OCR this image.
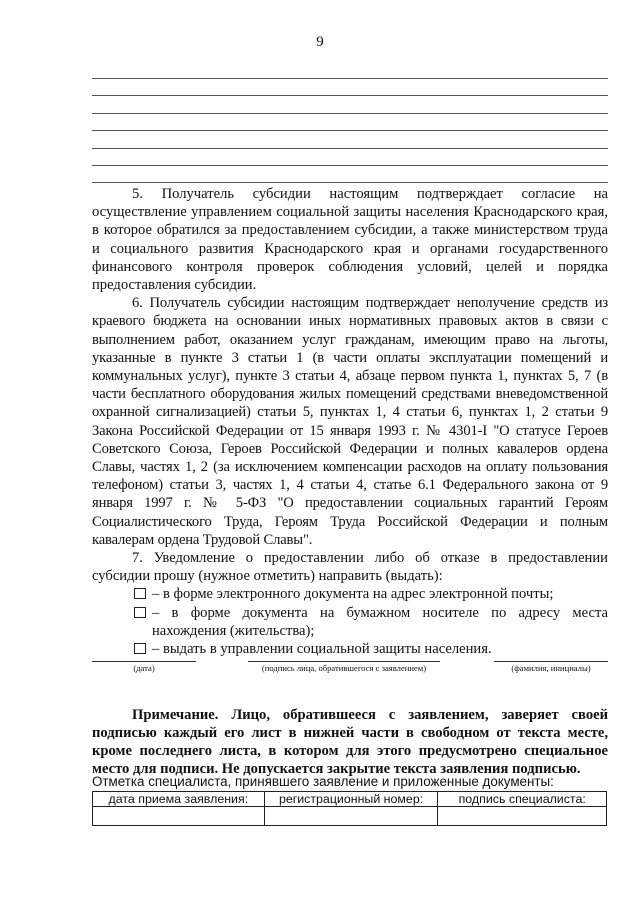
9

5. Получатель субсидии настоящим подтверждает согласие на осуществление управлением социальной защиты населения Краснодарского края, в которое обратился за предоставлением субсидии, а также министерством труда и социального развития Краснодарского края и органами государственного финансового контроля проверок соблюдения условий, целей и порядка предоставления субсидии.

6. Получатель субсидии настоящим подтверждает неполучение средств из краевого бюджета на основании иных нормативных правовых актов в связи с выполнением работ, оказанием услуг гражданам, имеющим право на льготы, указанные в пункте 3 статьи 1 (в части оплаты эксплуатации помещений и коммунальных услуг), пункте 3 статьи 4, абзаце первом пункта 1, пунктах 5, 7 (в части бесплатного оборудования жилых помещений средствами вневедомственной охранной сигнализацией) статьи 5, пунктах 1, 4 статьи 6, пунктах 1, 2 статьи 9 Закона Российской Федерации от 15 января 1993 г. № 4301-I "О статусе Героев Советского Союза, Героев Российской Федерации и полных кавалеров ордена Славы, частях 1, 2 (за исключением компенсации расходов на оплату пользования телефоном) статьи 3, частях 1, 4 статьи 4, статье 6.1 Федерального закона от 9 января 1997 г. № 5-ФЗ "О предоставлении социальных гарантий Героям Социалистического Труда, Героям Труда Российской Федерации и полным кавалерам ордена Трудовой Славы".

7. Уведомление о предоставлении либо об отказе в предоставлении субсидии прошу (нужное отметить) направить (выдать):

– в форме электронного документа на адрес электронной почты;
– в форме документа на бумажном носителе по адресу места нахождения (жительства);
– выдать в управлении социальной защиты населения.
(дата)	(подпись лица, обратившегося с заявлением)	(фамилия, инициалы)

Примечание. Лицо, обратившееся с заявлением, заверяет своей подписью каждый его лист в нижней части в свободном от текста месте, кроме последнего листа, в котором для этого предусмотрено специальное место для подписи. Не допускается закрытие текста заявления подписью.

Отметка специалиста, принявшего заявление и приложенные документы:
дата приема заявления:	регистрационный номер:	подпись специалиста:
